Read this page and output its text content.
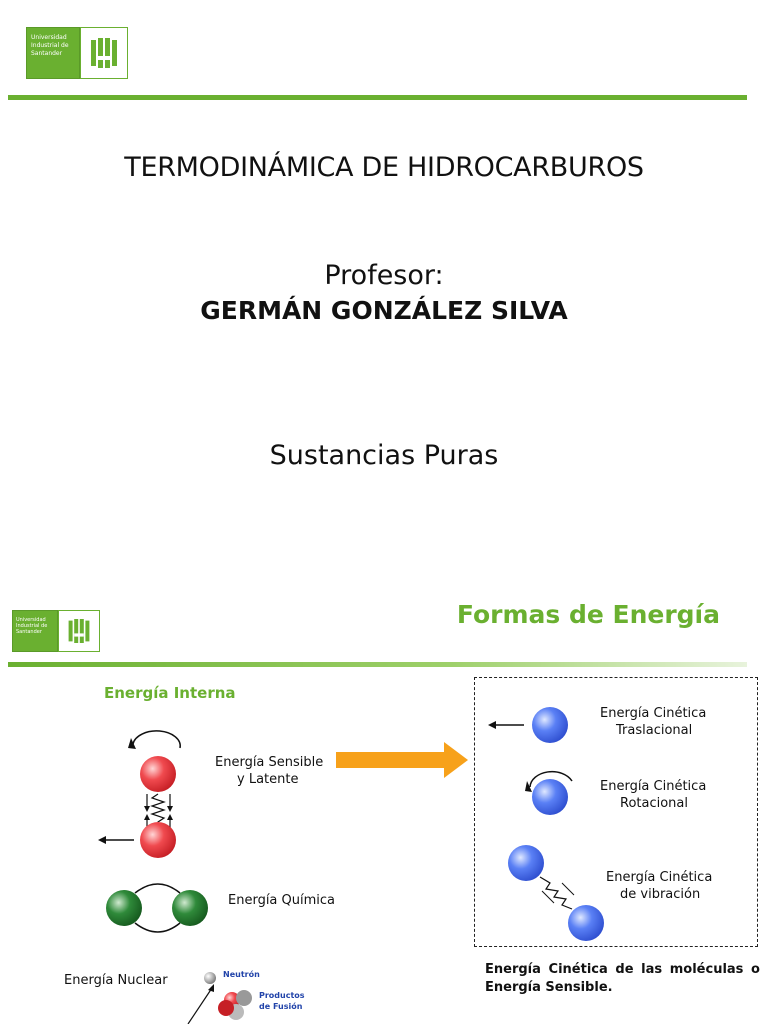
Universidad Industrial de Santander
TERMODINÁMICA DE HIDROCARBUROS
Profesor:
GERMÁN GONZÁLEZ SILVA
Sustancias Puras
Universidad Industrial de Santander
Formas de Energía
Energía Interna
Energía Sensible
y Latente
Energía Química
Energía Nuclear	Neutrón
Productos
de Fusión
Energía Cinética
Traslacional
Energía Cinética
Rotacional
Energía Cinética
de vibración
Energía Cinética de las moléculas o Energía Sensible.
